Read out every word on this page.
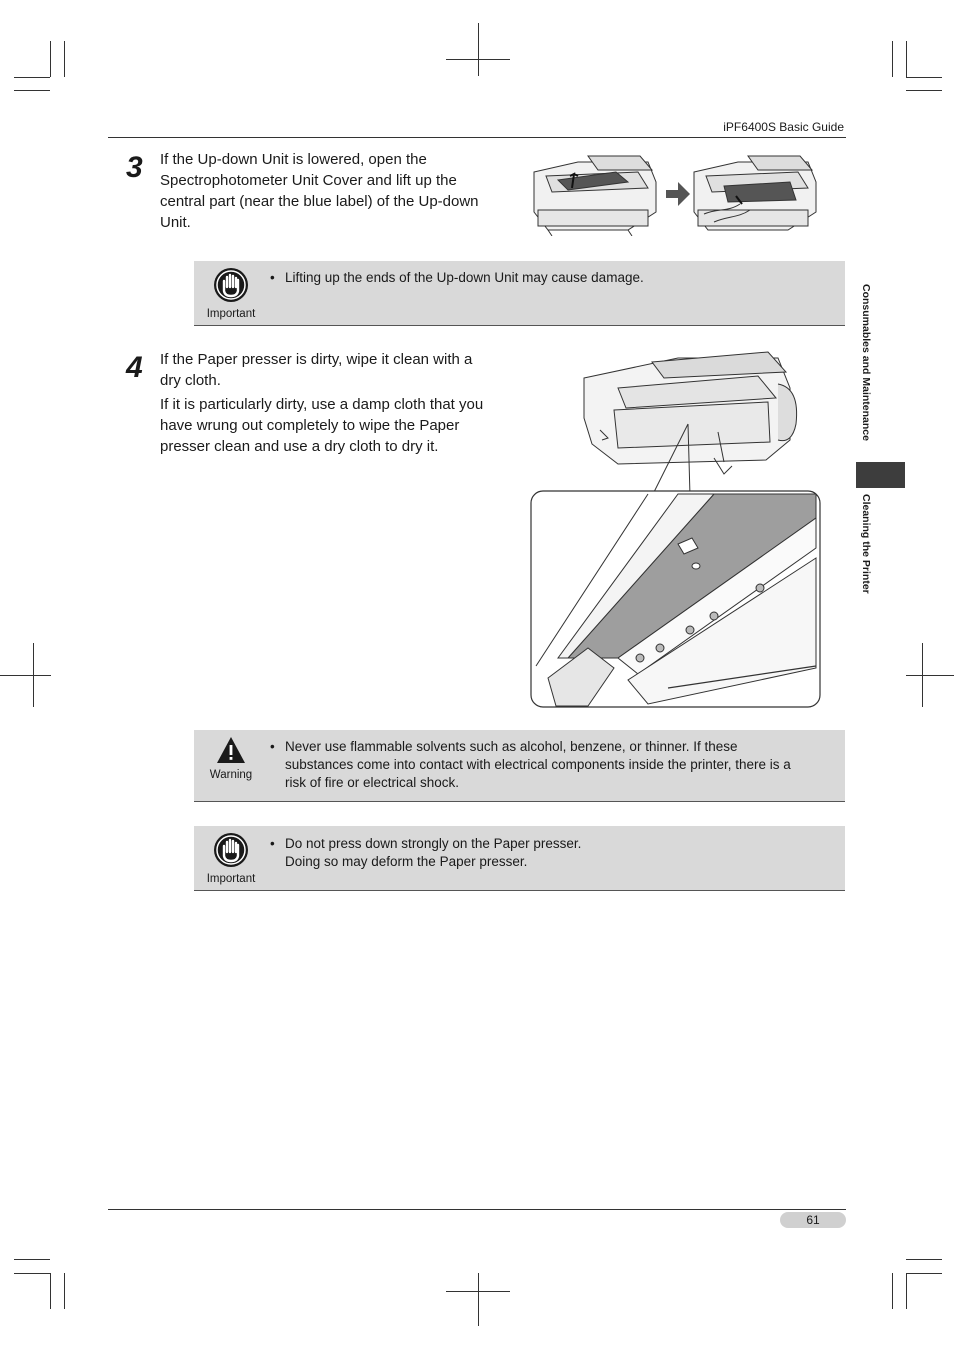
iPF6400S Basic Guide
Consumables and Maintenance
Cleaning the Printer
3 If the Up-down Unit is lowered, open the
Spectrophotometer Unit Cover and lift up the
central part (near the blue label) of the Up-down
Unit.
Important
• Lifting up the ends of the Up-down Unit may cause damage.
4 If the Paper presser is dirty, wipe it clean with a
dry cloth.
If it is particularly dirty, use a damp cloth that you
have wrung out completely to wipe the Paper
presser clean and use a dry cloth to dry it.
Warning
• Never use flammable solvents such as alcohol, benzene, or thinner. If these
substances come into contact with electrical components inside the printer, there is a
risk of fire or electrical shock.
Important
• Do not press down strongly on the Paper presser.
Doing so may deform the Paper presser.
61
